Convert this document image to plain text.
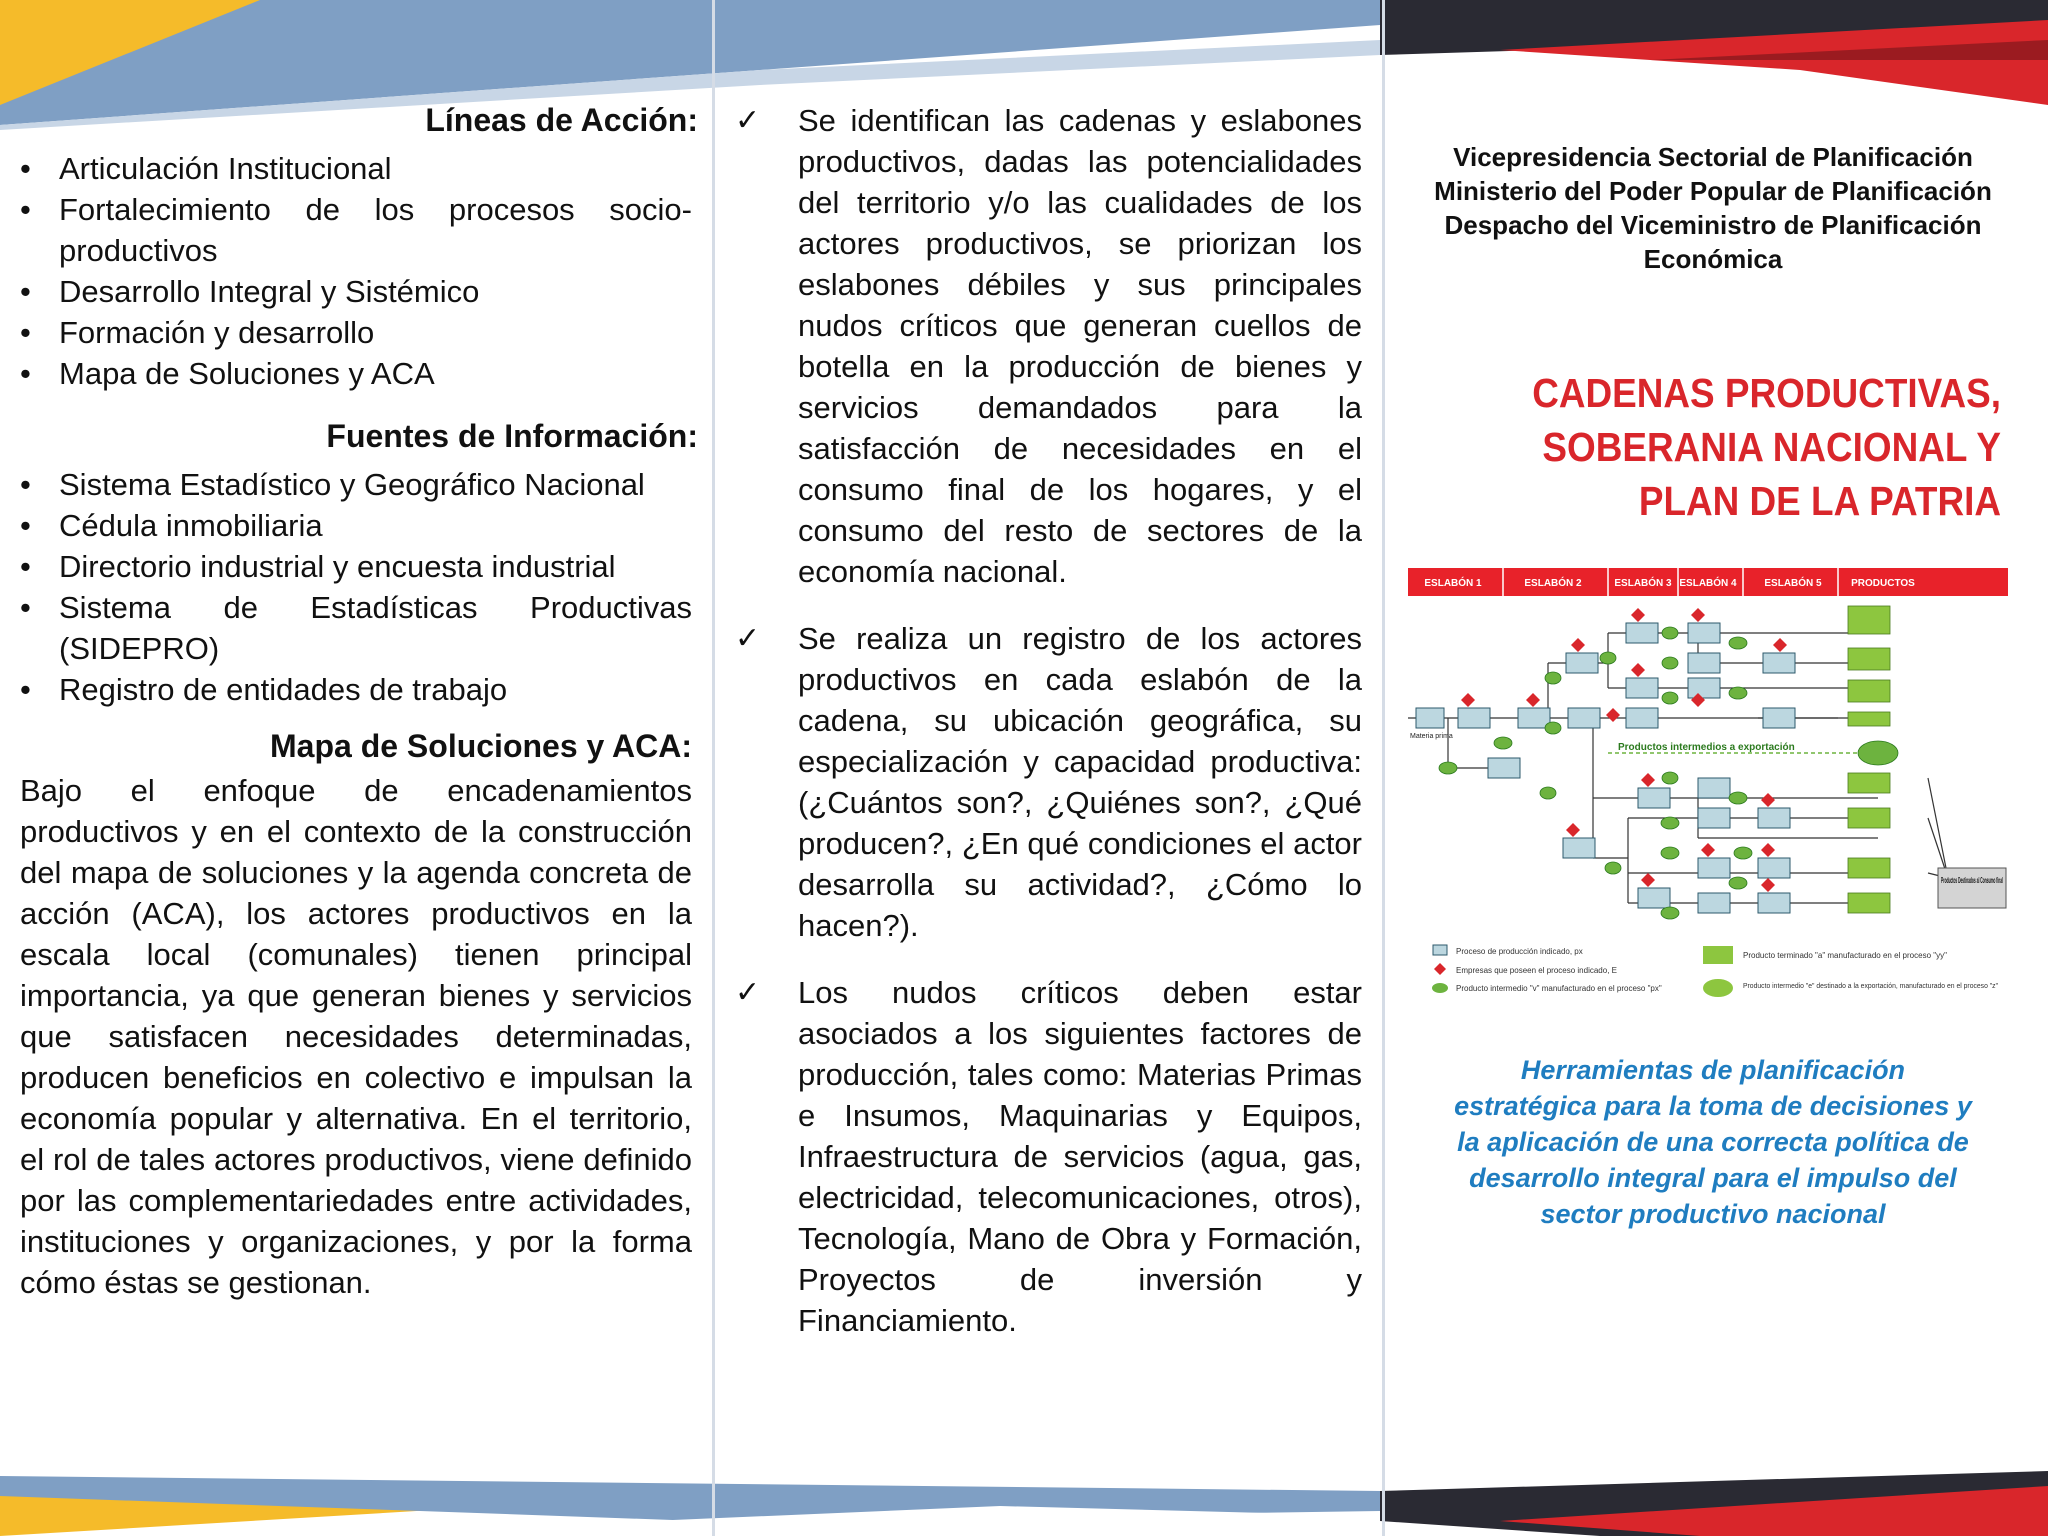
Líneas de Acción:
• Articulación Institucional
• Fortalecimiento de los procesos socio-productivos
• Desarrollo Integral y Sistémico
• Formación y desarrollo
• Mapa de Soluciones y ACA
Fuentes de Información:
• Sistema Estadístico y Geográfico Nacional
• Cédula inmobiliaria
• Directorio industrial y encuesta industrial
• Sistema de Estadísticas Productivas (SIDEPRO)
• Registro de entidades de trabajo
Mapa de Soluciones y ACA:

Bajo el enfoque de encadenamientos productivos y en el contexto de la construcción del mapa de soluciones y la agenda concreta de acción (ACA), los actores productivos en la escala local (comunales) tienen principal importancia, ya que generan bienes y servicios que satisfacen necesidades determinadas, producen beneficios en colectivo e impulsan la economía popular y alternativa. En el territorio, el rol de tales actores productivos, viene definido por las complementariedades entre actividades, instituciones y organizaciones, y por la forma cómo éstas se gestionan.

✓ Se identifican las cadenas y eslabones productivos, dadas las potencialidades del territorio y/o las cualidades de los actores productivos, se priorizan los eslabones débiles y sus principales nudos críticos que generan cuellos de botella en la producción de bienes y servicios demandados para la satisfacción de necesidades en el consumo final de los hogares, y el consumo del resto de sectores de la economía nacional.

✓ Se realiza un registro de los actores productivos en cada eslabón de la cadena, su ubicación geográfica, su especialización y capacidad productiva: (¿Cuántos son?, ¿Quiénes son?, ¿Qué producen?, ¿En qué condiciones el actor desarrolla su actividad?, ¿Cómo lo hacen?).

✓ Los nudos críticos deben estar asociados a los siguientes factores de producción, tales como: Materias Primas e Insumos, Maquinarias y Equipos, Infraestructura de servicios (agua, gas, electricidad, telecomunicaciones, otros), Tecnología, Mano de Obra y Formación, Proyectos de inversión y Financiamiento.

Vicepresidencia Sectorial de Planificación
Ministerio del Poder Popular de Planificación
Despacho del Viceministro de Planificación
Económica
CADENAS PRODUCTIVAS,
SOBERANIA NACIONAL Y
PLAN DE LA PATRIA
ESLABÓN 1	ESLABÓN 2	ESLABÓN 3 ESLABÓN 4	ESLABÓN 5	PRODUCTOS
Productos intermedios a exportación
Productos Destinados al Consumo final
Materia prima
Proceso de producción indicado, px
Empresas que poseen el proceso indicado, E
Producto intermedio "v" manufacturado en el proceso "px"
Producto terminado "a" manufacturado en el proceso "yy"
Producto intermedio "e" destinado a la exportación, manufacturado en el proceso "z"
Herramientas de planificación
estratégica para la toma de decisiones y
la aplicación de una correcta política de
desarrollo integral para el impulso del
sector productivo nacional
